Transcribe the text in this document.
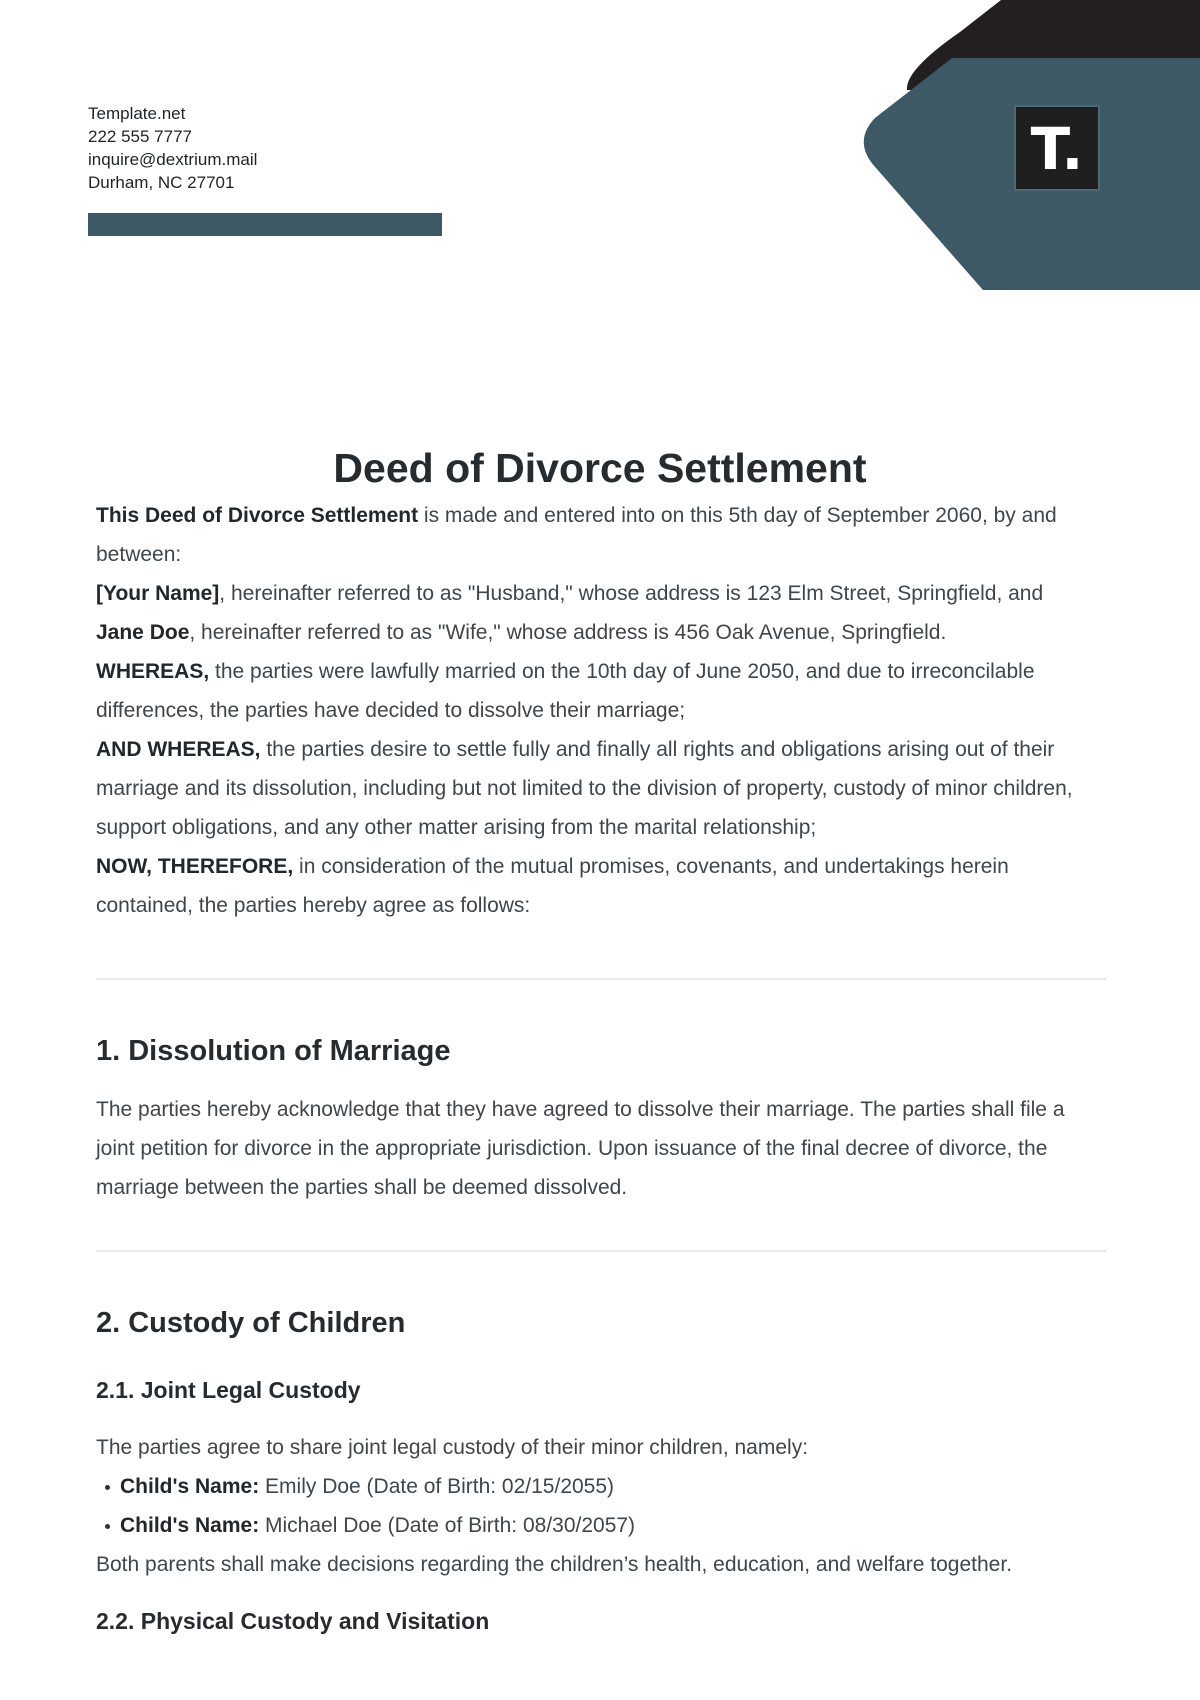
Template.net
222 555 7777
inquire@dextrium.mail
Durham, NC 27701	T.
Deed of Divorce Settlement

This Deed of Divorce Settlement is made and entered into on this 5th day of September 2060, by and between:

[Your Name], hereinafter referred to as "Husband," whose address is 123 Elm Street, Springfield, and

Jane Doe, hereinafter referred to as "Wife," whose address is 456 Oak Avenue, Springfield.

WHEREAS, the parties were lawfully married on the 10th day of June 2050, and due to irreconcilable differences, the parties have decided to dissolve their marriage;

AND WHEREAS, the parties desire to settle fully and finally all rights and obligations arising out of their marriage and its dissolution, including but not limited to the division of property, custody of minor children, support obligations, and any other matter arising from the marital relationship;

NOW, THEREFORE, in consideration of the mutual promises, covenants, and undertakings herein contained, the parties hereby agree as follows:

1. Dissolution of Marriage

The parties hereby acknowledge that they have agreed to dissolve their marriage. The parties shall file a joint petition for divorce in the appropriate jurisdiction. Upon issuance of the final decree of divorce, the marriage between the parties shall be deemed dissolved.

2. Custody of Children
2.1. Joint Legal Custody

The parties agree to share joint legal custody of their minor children, namely:

Child's Name: Emily Doe (Date of Birth: 02/15/2055)
Child's Name: Michael Doe (Date of Birth: 08/30/2057)

Both parents shall make decisions regarding the children’s health, education, and welfare together.

2.2. Physical Custody and Visitation
